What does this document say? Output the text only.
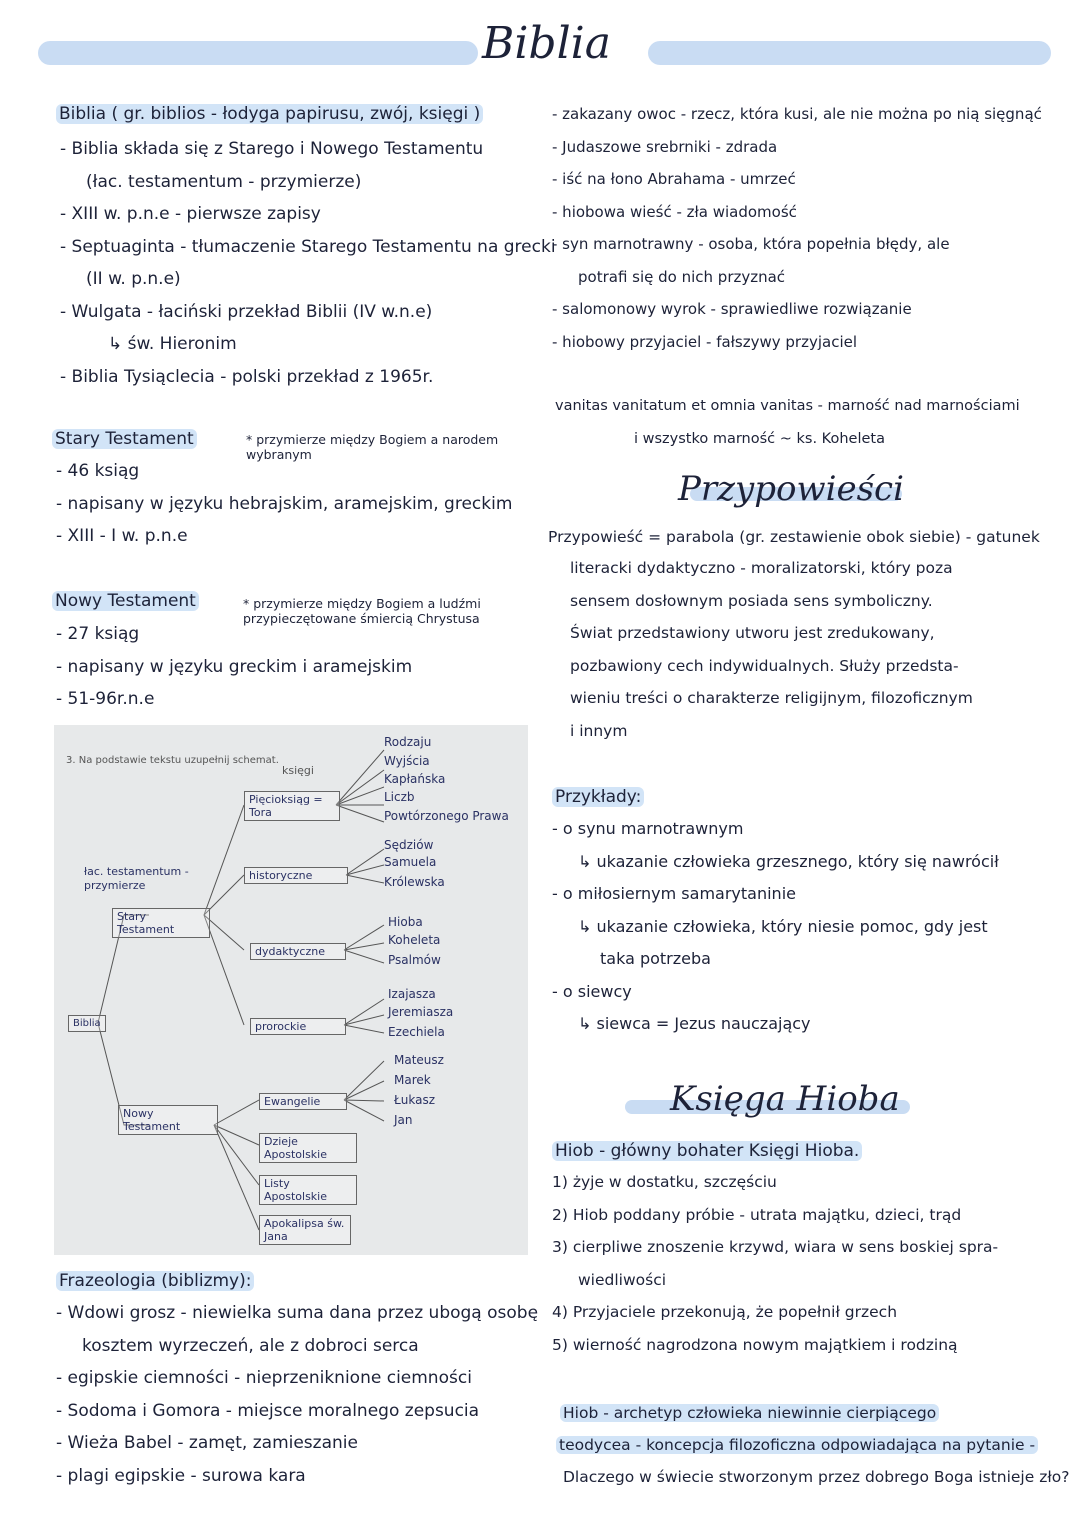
Biblia
Biblia ( gr. biblios - łodyga papirusu, zwój, księgi )
- Biblia składa się z Starego i Nowego Testamentu
(łac. testamentum - przymierze)
- XIII w. p.n.e - pierwsze zapisy
- Septuaginta - tłumaczenie Starego Testamentu na grecki
(II w. p.n.e)
- Wulgata - łaciński przekład Biblii (IV w.n.e)
↳ św. Hieronim
- Biblia Tysiąclecia - polski przekład z 1965r.
Stary Testament	* przymierze między Bogiem a narodem wybranym
- 46 ksiąg
- napisany w języku hebrajskim, aramejskim, greckim
- XIII - I w. p.n.e
Nowy Testament	* przymierze między Bogiem a ludźmi przypieczętowane śmiercią Chrystusa
- 27 ksiąg
- napisany w języku greckim i aramejskim
- 51-96r.n.e
3. Na podstawie tekstu uzupełnij schemat.
księgi
Biblia
łac. testamentum - przymierze
Stary Testament
Nowy Testament
Pięcioksiąg = Tora
historyczne
dydaktyczne
prorockie
Ewangelie
Dzieje Apostolskie
Listy Apostolskie
Apokalipsa św. Jana
Rodzaju
Wyjścia
Kapłańska
Liczb
Powtórzonego Prawa
Sędziów
Samuela
Królewska
Hioba
Koheleta
Psalmów
Izajasza
Jeremiasza
Ezechiela
Mateusz
Marek
Łukasz
Jan
Frazeologia (biblizmy):
- Wdowi grosz - niewielka suma dana przez ubogą osobę
kosztem wyrzeczeń, ale z dobroci serca
- egipskie ciemności - nieprzeniknione ciemności
- Sodoma i Gomora - miejsce moralnego zepsucia
- Wieża Babel - zamęt, zamieszanie
- plagi egipskie - surowa kara
- zakazany owoc - rzecz, która kusi, ale nie można po nią sięgnąć
- Judaszowe srebrniki - zdrada
- iść na łono Abrahama - umrzeć
- hiobowa wieść - zła wiadomość
- syn marnotrawny - osoba, która popełnia błędy, ale
potrafi się do nich przyznać
- salomonowy wyrok - sprawiedliwe rozwiązanie
- hiobowy przyjaciel - fałszywy przyjaciel
vanitas vanitatum et omnia vanitas - marność nad marnościami
i wszystko marność ~ ks. Koheleta
Przypowieści
Przypowieść = parabola (gr. zestawienie obok siebie) - gatunek
literacki dydaktyczno - moralizatorski, który poza
sensem dosłownym posiada sens symboliczny.
Świat przedstawiony utworu jest zredukowany,
pozbawiony cech indywidualnych. Służy przedsta-
wieniu treści o charakterze religijnym, filozoficznym
i innym
Przykłady:
- o synu marnotrawnym
↳ ukazanie człowieka grzesznego, który się nawrócił
- o miłosiernym samarytaninie
↳ ukazanie człowieka, który niesie pomoc, gdy jest
taka potrzeba
- o siewcy
↳ siewca = Jezus nauczający
Księga Hioba
Hiob - główny bohater Księgi Hioba.
1) żyje w dostatku, szczęściu
2) Hiob poddany próbie - utrata majątku, dzieci, trąd
3) cierpliwe znoszenie krzywd, wiara w sens boskiej spra-
wiedliwości
4) Przyjaciele przekonują, że popełnił grzech
5) wierność nagrodzona nowym majątkiem i rodziną
Hiob - archetyp człowieka niewinnie cierpiącego
teodycea - koncepcja filozoficzna odpowiadająca na pytanie -
Dlaczego w świecie stworzonym przez dobrego Boga istnieje zło?
